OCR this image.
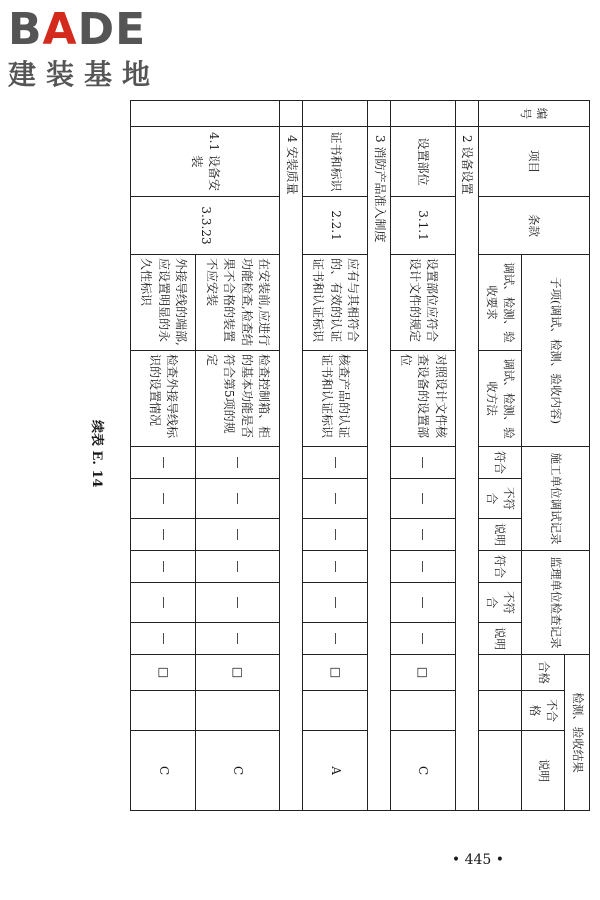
BADE
建装基地
续表 E. 14
编号	项目	条款	子项(调试、检测、验收内容)		施工单位调试记录			监理单位检查记录			检测、验收结果		
											合格	不合格	说明
			调试、检测、验收要求	调试、检测、验收方法	符合	不符合	说明	符合	不符合	说明			
	2 设备设置												
	设置部位	3.1.1	设置部位应符合设计文件的规定	对照设计文件核查设备的设置部位	—	—	—	—	—	—	□		C
	3 消防产品准入制度												
	证书和标识	2.2.1	应有与其相符合的、有效的认证证书和认证标识	核查产品的认证证书和认证标识	—	—	—	—	—	—	□		A
	4 安装质量												
	4.1 设备安装	3.3.23	在安装前,应进行功能检查,检查结果不合格的装置不应安装	检查控制箱、柜的基本功能是否符合第5项的规定	—	—	—	—	—	—	□		C
			外接导线的端部,应设置明显的永久性标识	检查外接导线标识的设置情况	—	—	—	—	—	—	□		C
• 445 •
